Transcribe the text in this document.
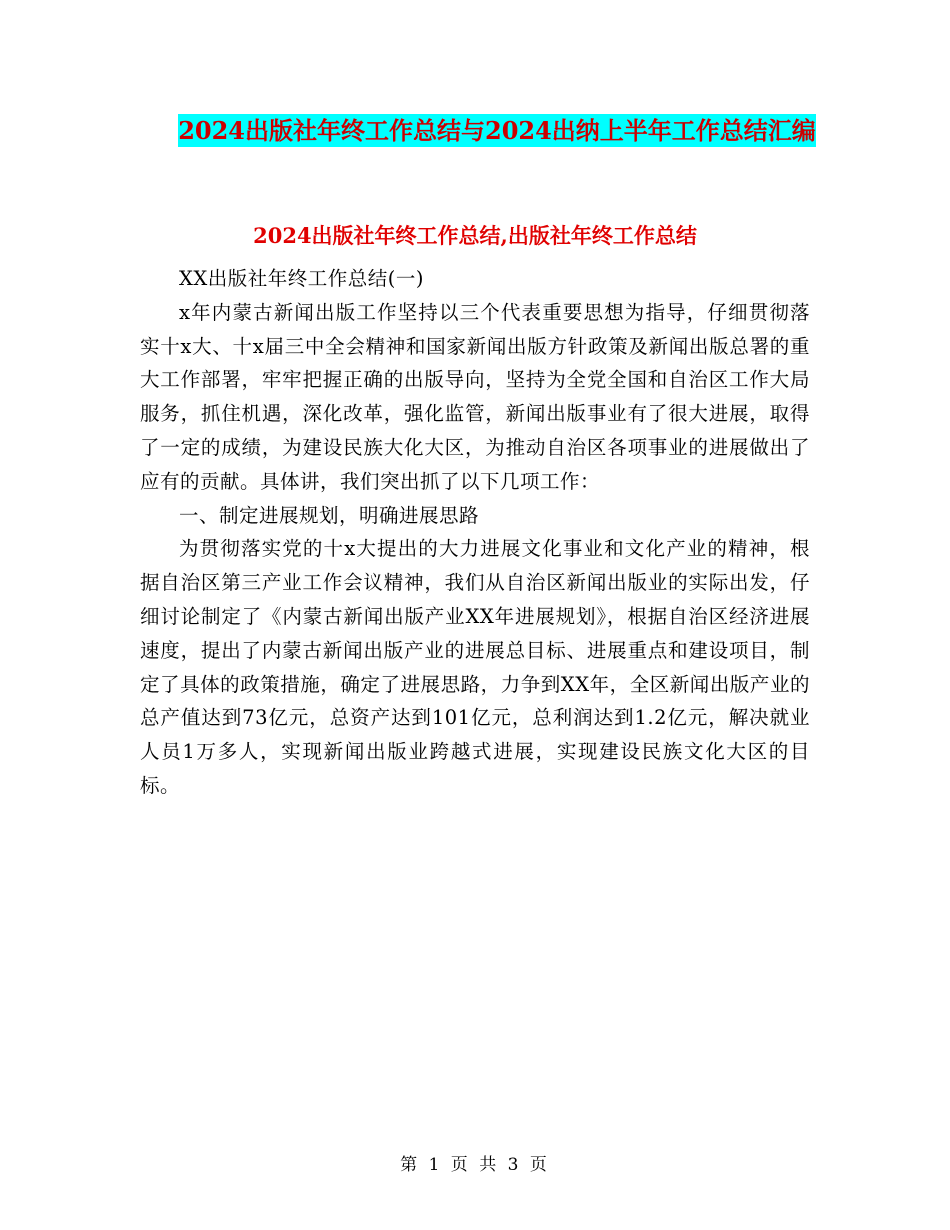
2024出版社年终工作总结与2024出纳上半年工作总结汇编
2024出版社年终工作总结,出版社年终工作总结

XX出版社年终工作总结(一)

x年内蒙古新闻出版工作坚持以三个代表重要思想为指导，仔细贯彻落实十x大、十x届三中全会精神和国家新闻出版方针政策及新闻出版总署的重大工作部署，牢牢把握正确的出版导向，坚持为全党全国和自治区工作大局服务，抓住机遇，深化改革，强化监管，新闻出版事业有了很大进展，取得了一定的成绩，为建设民族大化大区，为推动自治区各项事业的进展做出了应有的贡献。具体讲，我们突出抓了以下几项工作：

一、制定进展规划，明确进展思路

为贯彻落实党的十x大提出的大力进展文化事业和文化产业的精神，根据自治区第三产业工作会议精神，我们从自治区新闻出版业的实际出发，仔细讨论制定了《内蒙古新闻出版产业XX年进展规划》，根据自治区经济进展速度，提出了内蒙古新闻出版产业的进展总目标、进展重点和建设项目，制定了具体的政策措施，确定了进展思路，力争到XX年，全区新闻出版产业的总产值达到73亿元，总资产达到101亿元，总利润达到1.2亿元，解决就业人员1万多人，实现新闻出版业跨越式进展，实现建设民族文化大区的目标。

第 1 页 共 3 页
